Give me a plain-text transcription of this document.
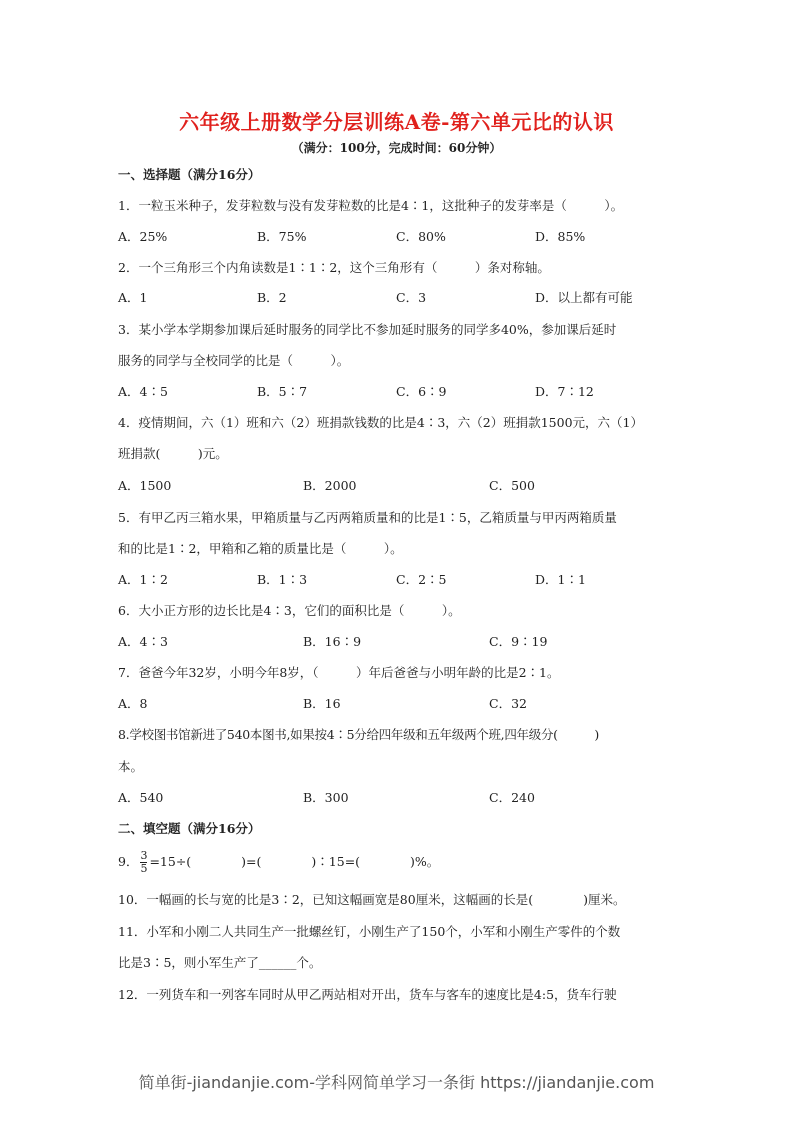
六年级上册数学分层训练A卷-第六单元比的认识
（满分：100分，完成时间：60分钟）
一、选择题（满分16分）
1．一粒玉米种子，发芽粒数与没有发芽粒数的比是4∶1，这批种子的发芽率是（　　　）。
A．25%	B．75%	C．80%	D．85%
2．一个三角形三个内角读数是1∶1∶2，这个三角形有（　　　）条对称轴。
A．1	B．2	C．3	D．以上都有可能
3．某小学本学期参加课后延时服务的同学比不参加延时服务的同学多40%，参加课后延时
服务的同学与全校同学的比是（　　　）。
A．4∶5	B．5∶7	C．6∶9	D．7∶12
4．疫情期间，六（1）班和六（2）班捐款钱数的比是4∶3，六（2）班捐款1500元，六（1）
班捐款(　　　)元。
A．1500	B．2000	C．500
5．有甲乙丙三箱水果，甲箱质量与乙丙两箱质量和的比是1∶5，乙箱质量与甲丙两箱质量
和的比是1∶2，甲箱和乙箱的质量比是（　　　）。
A．1∶2	B．1∶3	C．2∶5	D．1∶1
6．大小正方形的边长比是4∶3，它们的面积比是（　　　）。
A．4∶3	B．16∶9	C．9∶19
7．爸爸今年32岁，小明今年8岁，（　　　）年后爸爸与小明年龄的比是2∶1。
A．8	B．16	C．32
8.学校图书馆新进了540本图书,如果按4∶5分给四年级和五年级两个班,四年级分(　　　)
本。
A．540	B．300	C．240
二、填空题（满分16分）
9． $\frac{3}{5} =15\div$(　　　　)=(　　　　)∶15=(　　　　)%。
10．一幅画的长与宽的比是3∶2，已知这幅画宽是80厘米，这幅画的长是(　　　　)厘米。
11．小军和小刚二人共同生产一批螺丝钉，小刚生产了150个，小军和小刚生产零件的个数
比是3∶5，则小军生产了______个。
12．一列货车和一列客车同时从甲乙两站相对开出，货车与客车的速度比是4:5，货车行驶
简单街-jiandanjie.com-学科网简单学习一条街 https://jiandanjie.com
